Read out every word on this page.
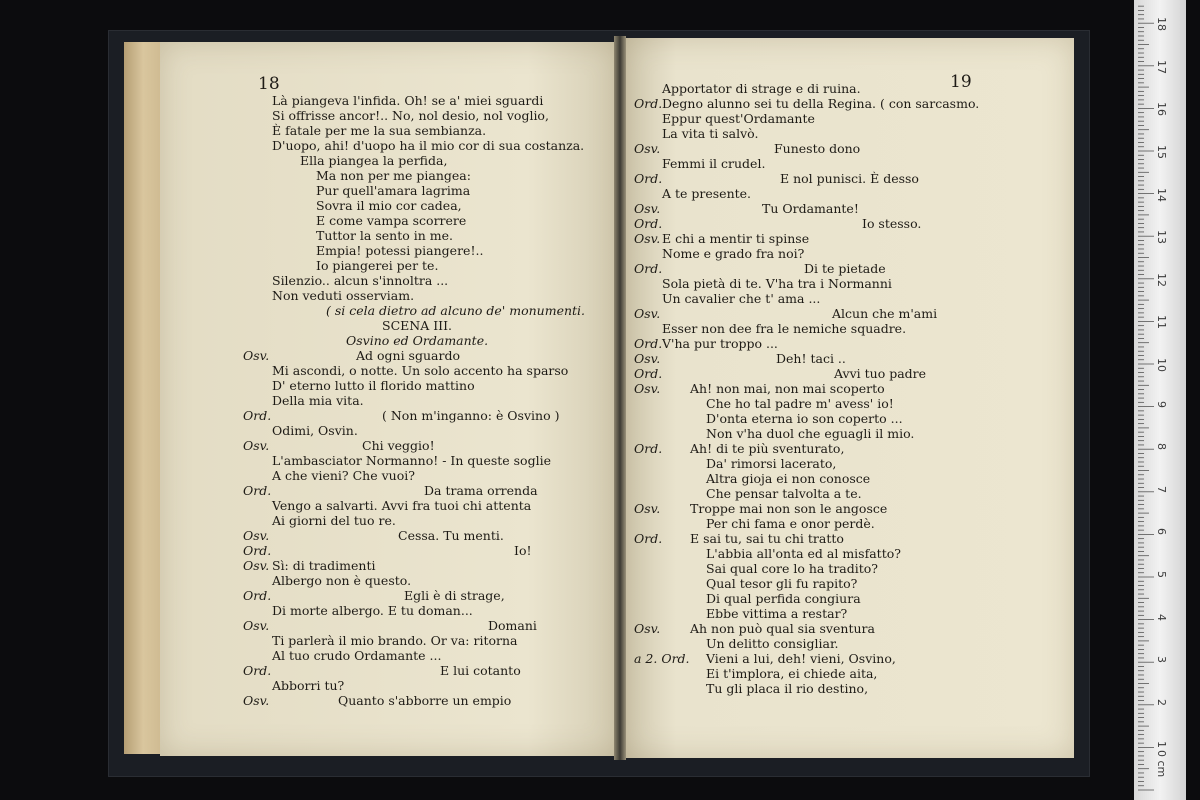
18	19
Là piangeva l'infida. Oh! se a' miei sguardi
Si offrisse ancor!.. No, nol desio, nol voglio,
È fatale per me la sua sembianza.
D'uopo, ahi! d'uopo ha il mio cor di sua costanza.
Ella piangea la perfida,
Ma non per me piangea:
Pur quell'amara lagrima
Sovra il mio cor cadea,
E come vampa scorrere
Tuttor la sento in me.
Empia! potessi piangere!..
Io piangerei per te.
Silenzio.. alcun s'innoltra ...
Non veduti osserviam.
( si cela dietro ad alcuno de' monumenti.
SCENA III.
Osvino ed Ordamante.
Osv.	Ad ogni sguardo
Mi ascondi, o notte. Un solo accento ha sparso
D' eterno lutto il florido mattino
Della mia vita.
Ord.	( Non m'inganno: è Osvino )
Odimi, Osvin.
Osv.	Chi veggio!
L'ambasciator Normanno! - In queste soglie
A che vieni? Che vuoi?
Ord.	Da trama orrenda
Vengo a salvarti. Avvi fra tuoi chi attenta
Ai giorni del tuo re.
Osv.	Cessa. Tu menti.
Ord.	Io!
Osv. Sì: di tradimenti
Albergo non è questo.
Ord.	Egli è di strage,
Di morte albergo. E tu doman...
Osv.	Domani
Ti parlerà il mio brando. Or va: ritorna
Al tuo crudo Ordamante ...
Ord.	E lui cotanto
Abborri tu?
Osv.	Quanto s'abborre un empio
Apportator di strage e di ruina.
Ord. Degno alunno sei tu della Regina. ( con sarcasmo.
Eppur quest'Ordamante
La vita ti salvò.
Osv.	Funesto dono
Femmi il crudel.
Ord.	E nol punisci. È desso
A te presente.
Osv.	Tu Ordamante!
Ord.	Io stesso.
Osv. E chi a mentir ti spinse
Nome e grado fra noi?
Ord.	Di te pietade
Sola pietà di te. V'ha tra i Normanni
Un cavalier che t' ama ...
Osv.	Alcun che m'ami
Esser non dee fra le nemiche squadre.
Ord. V'ha pur troppo ...
Osv.	Deh! taci ..
Ord.	Avvi tuo padre
Osv. Ah! non mai, non mai scoperto
Che ho tal padre m' avess' io!
D'onta eterna io son coperto ...
Non v'ha duol che eguagli il mio.
Ord. Ah! di te più sventurato,
Da' rimorsi lacerato,
Altra gioja ei non conosce
Che pensar talvolta a te.
Osv. Troppe mai non son le angosce
Per chi fama e onor perdè.
Ord. E sai tu, sai tu chi tratto
L'abbia all'onta ed al misfatto?
Sai qual core lo ha tradito?
Qual tesor gli fu rapito?
Di qual perfida congiura
Ebbe vittima a restar?
Osv. Ah non può qual sia sventura
Un delitto consigliar.
a 2. Ord. Vieni a lui, deh! vieni, Osvino,
Ei t'implora, ei chiede aita,
Tu gli placa il rio destino,
0 cm
1
2
3
4
5
6
7
8
9
10
11
12
13
14
15
16
17
18
